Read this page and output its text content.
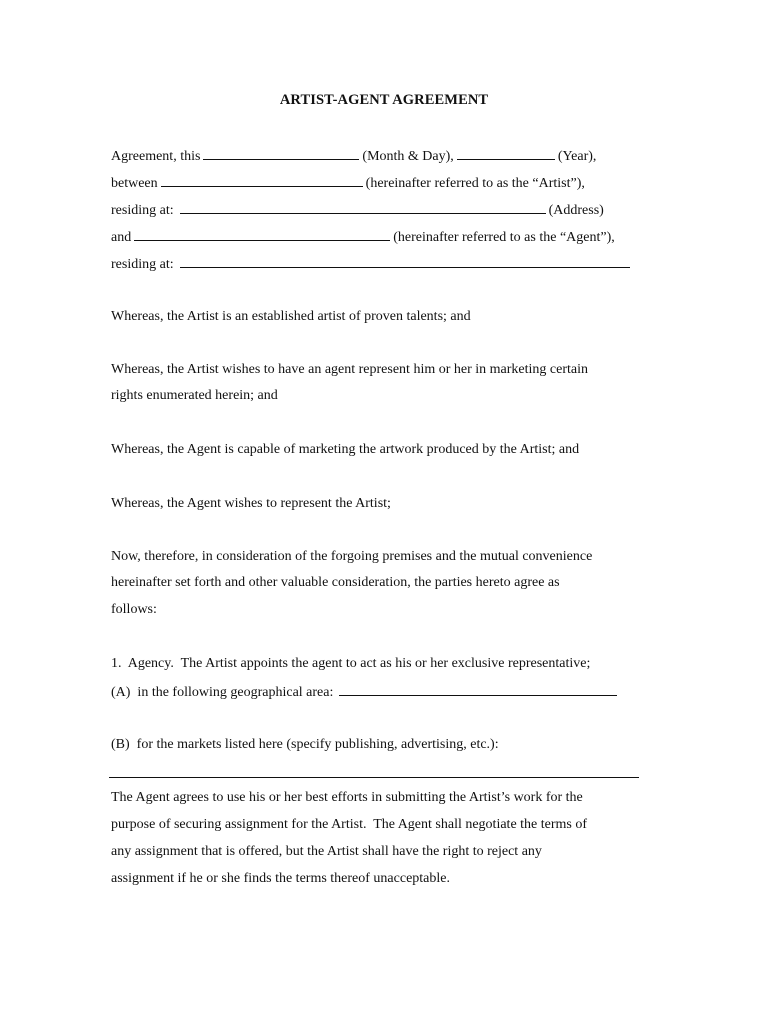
ARTIST-AGENT AGREEMENT
Agreement, this	(Month & Day),	(Year),
between	(hereinafter referred to as the “Artist”),
residing at:	(Address)
and	(hereinafter referred to as the “Agent”),
residing at:
Whereas, the Artist is an established artist of proven talents; and
Whereas, the Artist wishes to have an agent represent him or her in marketing certain
rights enumerated herein; and
Whereas, the Agent is capable of marketing the artwork produced by the Artist; and
Whereas, the Agent wishes to represent the Artist;
Now, therefore, in consideration of the forgoing premises and the mutual convenience
hereinafter set forth and other valuable consideration, the parties hereto agree as
follows:
1.  Agency.  The Artist appoints the agent to act as his or her exclusive representative;
(A)  in the following geographical area:
(B)  for the markets listed here (specify publishing, advertising, etc.):
The Agent agrees to use his or her best efforts in submitting the Artist’s work for the
purpose of securing assignment for the Artist.  The Agent shall negotiate the terms of
any assignment that is offered, but the Artist shall have the right to reject any
assignment if he or she finds the terms thereof unacceptable.
